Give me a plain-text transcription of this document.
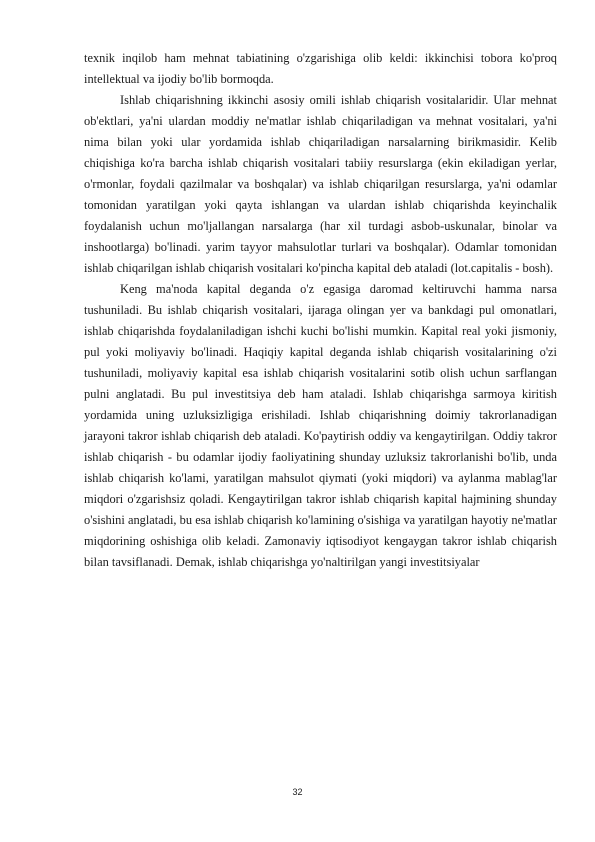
texnik inqilob ham mehnat tabiatining o'zgarishiga olib keldi: ikkinchisi tobora ko'proq intellektual va ijodiy bo'lib bormoqda.

Ishlab chiqarishning ikkinchi asosiy omili ishlab chiqarish vositalaridir. Ular mehnat ob'ektlari, ya'ni ulardan moddiy ne'matlar ishlab chiqariladigan va mehnat vositalari, ya'ni nima bilan yoki ular yordamida ishlab chiqariladigan narsalarning birikmasidir. Kelib chiqishiga ko'ra barcha ishlab chiqarish vositalari tabiiy resurslarga (ekin ekiladigan yerlar, o'rmonlar, foydali qazilmalar va boshqalar) va ishlab chiqarilgan resurslarga, ya'ni odamlar tomonidan yaratilgan yoki qayta ishlangan va ulardan ishlab chiqarishda keyinchalik foydalanish uchun mo'ljallangan narsalarga (har xil turdagi asbob-uskunalar, binolar va inshootlarga) bo'linadi. yarim tayyor mahsulotlar turlari va boshqalar). Odamlar tomonidan ishlab chiqarilgan ishlab chiqarish vositalari ko'pincha kapital deb ataladi (lot.capitalis - bosh).

Keng ma'noda kapital deganda o'z egasiga daromad keltiruvchi hamma narsa tushuniladi. Bu ishlab chiqarish vositalari, ijaraga olingan yer va bankdagi pul omonatlari, ishlab chiqarishda foydalaniladigan ishchi kuchi bo'lishi mumkin. Kapital real yoki jismoniy, pul yoki moliyaviy bo'linadi. Haqiqiy kapital deganda ishlab chiqarish vositalarining o'zi tushuniladi, moliyaviy kapital esa ishlab chiqarish vositalarini sotib olish uchun sarflangan pulni anglatadi. Bu pul investitsiya deb ham ataladi. Ishlab chiqarishga sarmoya kiritish yordamida uning uzluksizligiga erishiladi. Ishlab chiqarishning doimiy takrorlanadigan jarayoni takror ishlab chiqarish deb ataladi. Ko'paytirish oddiy va kengaytirilgan. Oddiy takror ishlab chiqarish - bu odamlar ijodiy faoliyatining shunday uzluksiz takrorlanishi bo'lib, unda ishlab chiqarish ko'lami, yaratilgan mahsulot qiymati (yoki miqdori) va aylanma mablag'lar miqdori o'zgarishsiz qoladi. Kengaytirilgan takror ishlab chiqarish kapital hajmining shunday o'sishini anglatadi, bu esa ishlab chiqarish ko'lamining o'sishiga va yaratilgan hayotiy ne'matlar miqdorining oshishiga olib keladi. Zamonaviy iqtisodiyot kengaygan takror ishlab chiqarish bilan tavsiflanadi. Demak, ishlab chiqarishga yo'naltirilgan yangi investitsiyalar

32
